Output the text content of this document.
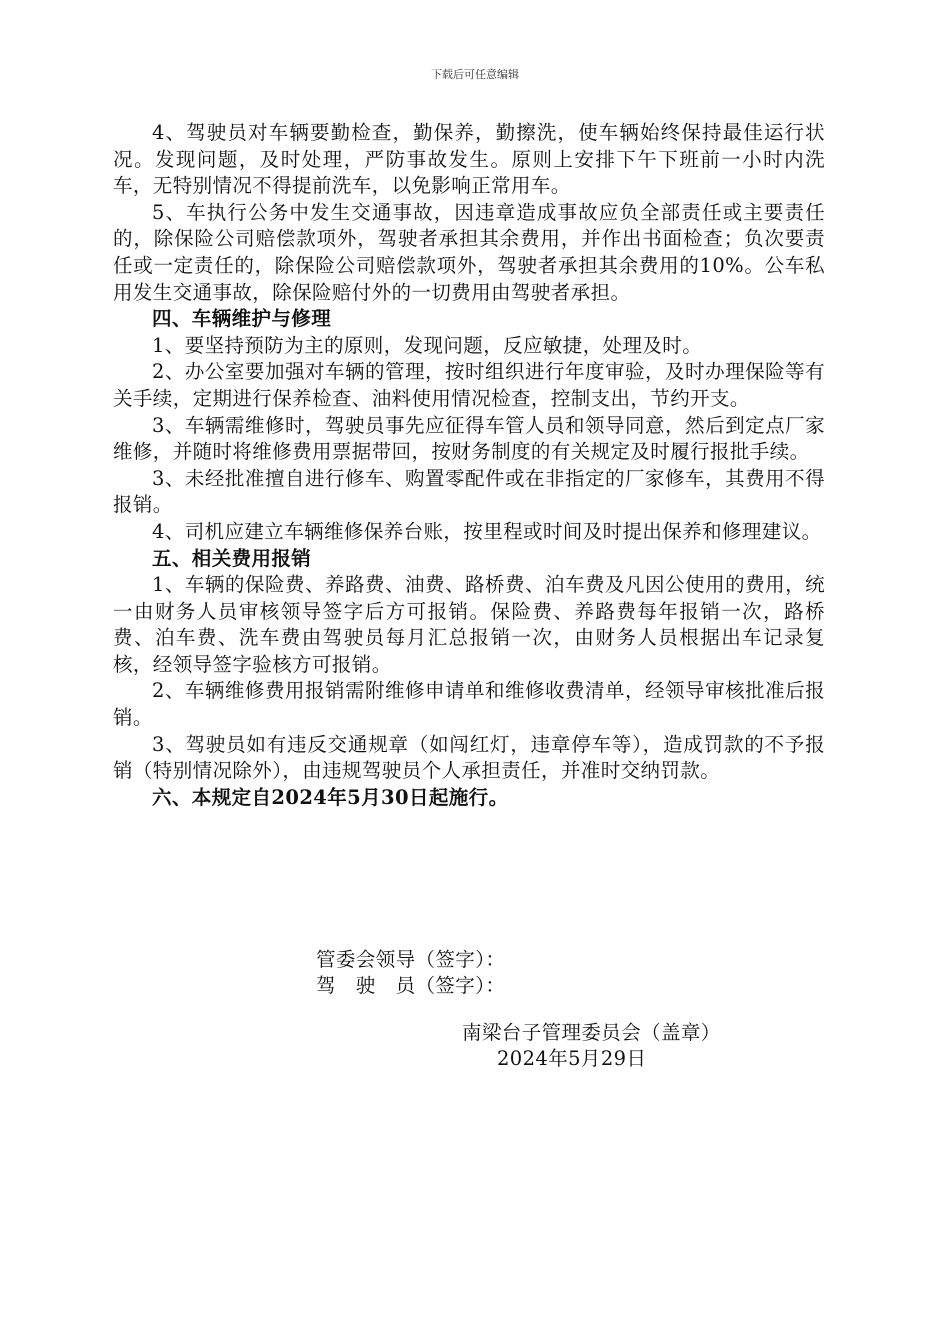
下载后可任意编辑

4、驾驶员对车辆要勤检查，勤保养，勤擦洗，使车辆始终保持最佳运行状况。发现问题，及时处理，严防事故发生。原则上安排下午下班前一小时内洗车，无特别情况不得提前洗车，以免影响正常用车。

5、车执行公务中发生交通事故，因违章造成事故应负全部责任或主要责任的，除保险公司赔偿款项外，驾驶者承担其余费用，并作出书面检查；负次要责任或一定责任的，除保险公司赔偿款项外，驾驶者承担其余费用的10%。公车私用发生交通事故，除保险赔付外的一切费用由驾驶者承担。

四、车辆维护与修理

1、要坚持预防为主的原则，发现问题，反应敏捷，处理及时。

2、办公室要加强对车辆的管理，按时组织进行年度审验，及时办理保险等有关手续，定期进行保养检查、油料使用情况检查，控制支出，节约开支。

3、车辆需维修时，驾驶员事先应征得车管人员和领导同意，然后到定点厂家维修，并随时将维修费用票据带回，按财务制度的有关规定及时履行报批手续。

3、未经批准擅自进行修车、购置零配件或在非指定的厂家修车，其费用不得报销。

4、司机应建立车辆维修保养台账，按里程或时间及时提出保养和修理建议。

五、相关费用报销

1、车辆的保险费、养路费、油费、路桥费、泊车费及凡因公使用的费用，统一由财务人员审核领导签字后方可报销。保险费、养路费每年报销一次，路桥费、泊车费、洗车费由驾驶员每月汇总报销一次，由财务人员根据出车记录复核，经领导签字验核方可报销。

2、车辆维修费用报销需附维修申请单和维修收费清单，经领导审核批准后报销。

3、驾驶员如有违反交通规章（如闯红灯，违章停车等），造成罚款的不予报销（特别情况除外），由违规驾驶员个人承担责任，并准时交纳罚款。

六、本规定自2024年5月30日起施行。

管委会领导（签字）：
驾　驶　员（签字）：
南梁台子管理委员会（盖章）
2024年5月29日
